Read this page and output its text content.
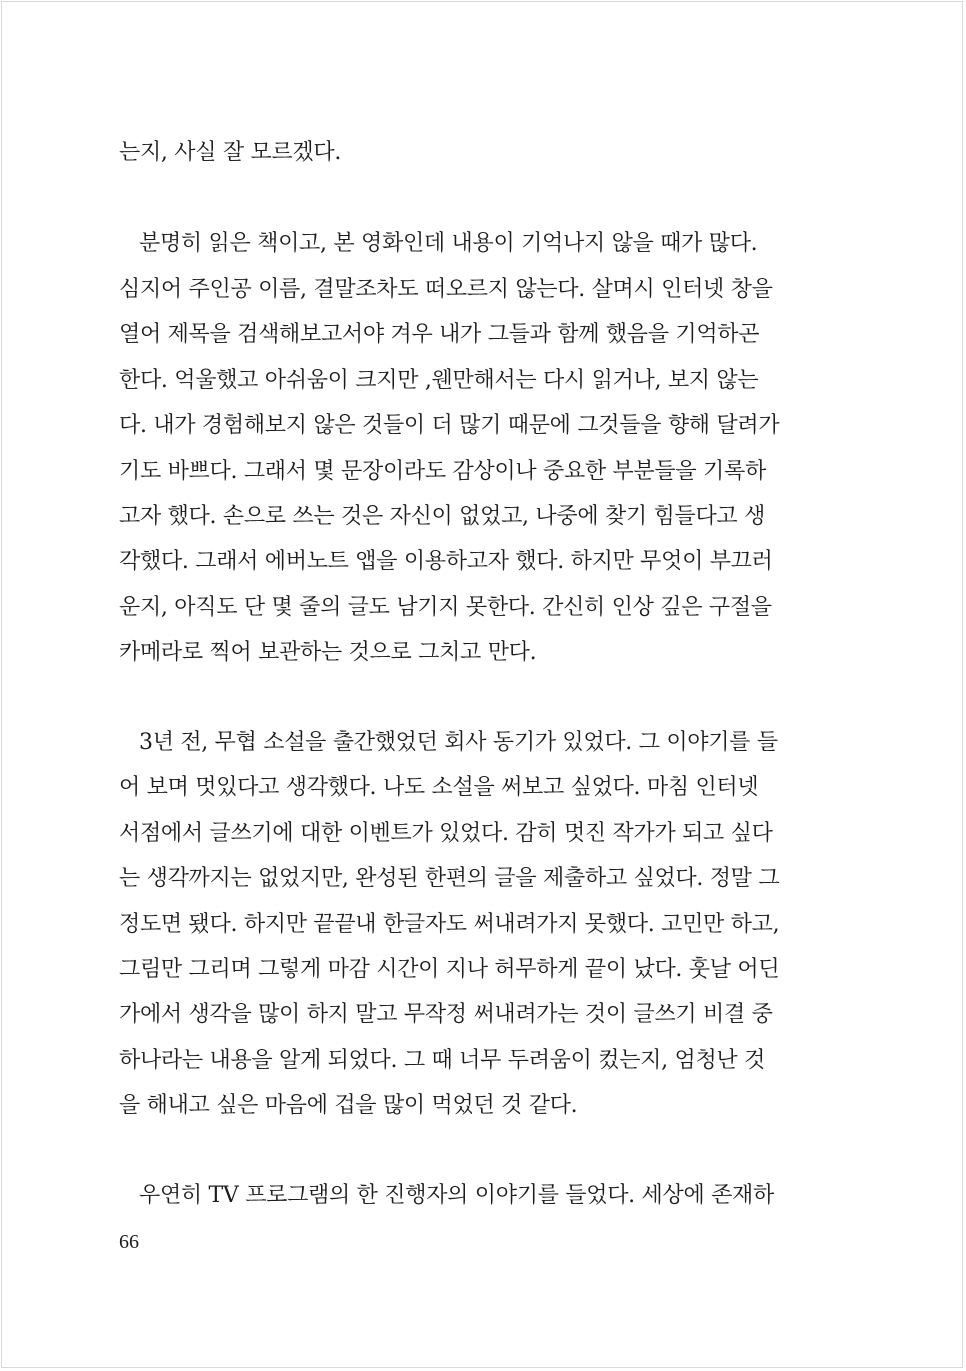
는지, 사실 잘 모르겠다.
분명히 읽은 책이고, 본 영화인데 내용이 기억나지 않을 때가 많다.
심지어 주인공 이름, 결말조차도 떠오르지 않는다. 살며시 인터넷 창을
열어 제목을 검색해보고서야 겨우 내가 그들과 함께 했음을 기억하곤
한다. 억울했고 아쉬움이 크지만 ,웬만해서는 다시 읽거나, 보지 않는
다. 내가 경험해보지 않은 것들이 더 많기 때문에 그것들을 향해 달려가
기도 바쁘다. 그래서 몇 문장이라도 감상이나 중요한 부분들을 기록하
고자 했다. 손으로 쓰는 것은 자신이 없었고, 나중에 찾기 힘들다고 생
각했다. 그래서 에버노트 앱을 이용하고자 했다. 하지만 무엇이 부끄러
운지, 아직도 단 몇 줄의 글도 남기지 못한다. 간신히 인상 깊은 구절을
카메라로 찍어 보관하는 것으로 그치고 만다.
3년 전, 무협 소설을 출간했었던 회사 동기가 있었다. 그 이야기를 들
어 보며 멋있다고 생각했다. 나도 소설을 써보고 싶었다. 마침 인터넷
서점에서 글쓰기에 대한 이벤트가 있었다. 감히 멋진 작가가 되고 싶다
는 생각까지는 없었지만, 완성된 한편의 글을 제출하고 싶었다. 정말 그
정도면 됐다. 하지만 끝끝내 한글자도 써내려가지 못했다. 고민만 하고,
그림만 그리며 그렇게 마감 시간이 지나 허무하게 끝이 났다. 훗날 어딘
가에서 생각을 많이 하지 말고 무작정 써내려가는 것이 글쓰기 비결 중
하나라는 내용을 알게 되었다. 그 때 너무 두려움이 컸는지, 엄청난 것
을 해내고 싶은 마음에 겁을 많이 먹었던 것 같다.
우연히 TV 프로그램의 한 진행자의 이야기를 들었다. 세상에 존재하
66
